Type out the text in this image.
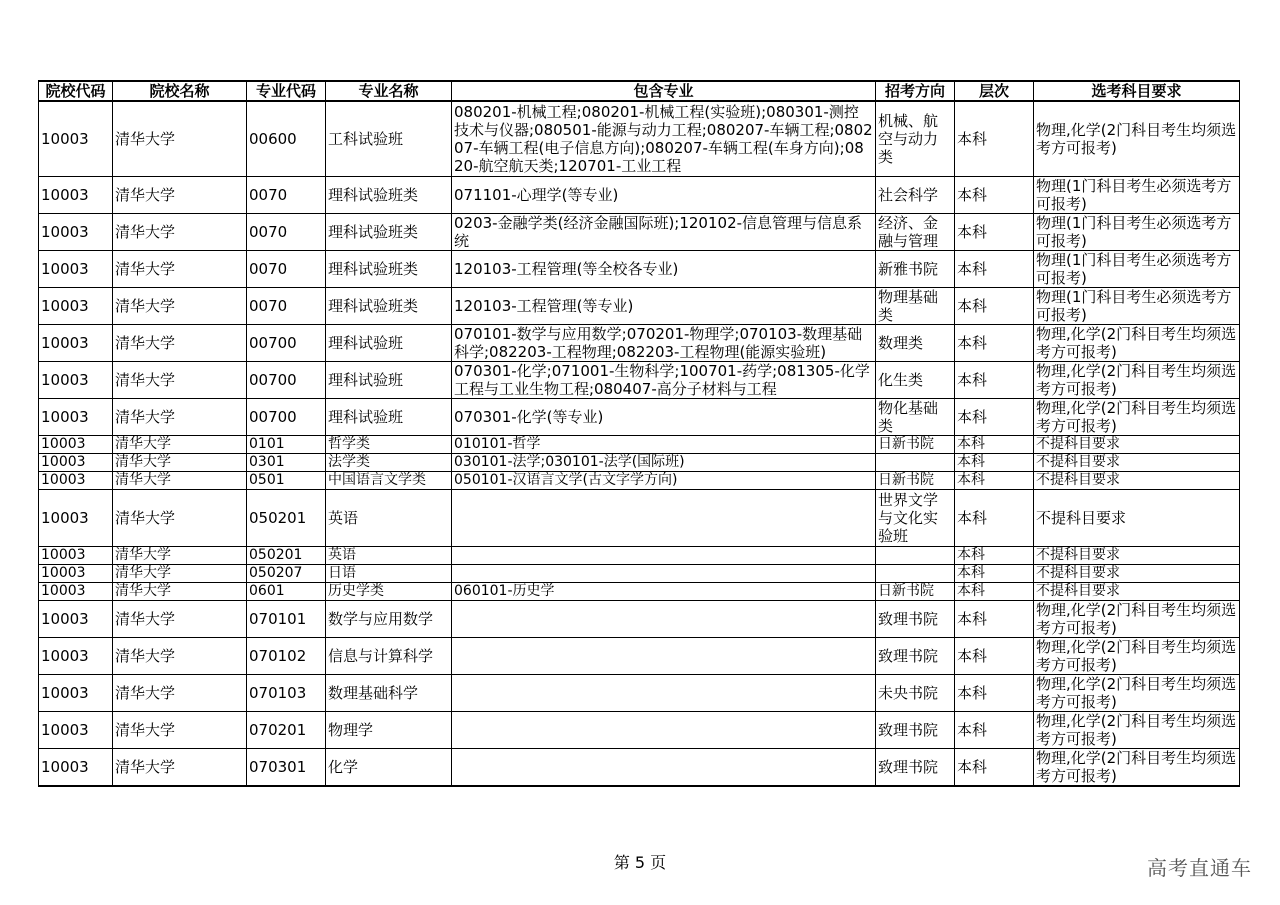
院校代码	院校名称	专业代码	专业名称	包含专业	招考方向	层次	选考科目要求
10003	清华大学	00600	工科试验班	080201-机械工程;080201-机械工程(实验班);080301-测控技术与仪器;080501-能源与动力工程;080207-车辆工程;080207-车辆工程(电子信息方向);080207-车辆工程(车身方向);0820-航空航天类;120701-工业工程	机械、航空与动力类	本科	物理,化学(2门科目考生均须选考方可报考)
10003	清华大学	0070	理科试验班类	071101-心理学(等专业)	社会科学	本科	物理(1门科目考生必须选考方可报考)
10003	清华大学	0070	理科试验班类	0203-金融学类(经济金融国际班);120102-信息管理与信息系统	经济、金融与管理	本科	物理(1门科目考生必须选考方可报考)
10003	清华大学	0070	理科试验班类	120103-工程管理(等全校各专业)	新雅书院	本科	物理(1门科目考生必须选考方可报考)
10003	清华大学	0070	理科试验班类	120103-工程管理(等专业)	物理基础类	本科	物理(1门科目考生必须选考方可报考)
10003	清华大学	00700	理科试验班	070101-数学与应用数学;070201-物理学;070103-数理基础科学;082203-工程物理;082203-工程物理(能源实验班)	数理类	本科	物理,化学(2门科目考生均须选考方可报考)
10003	清华大学	00700	理科试验班	070301-化学;071001-生物科学;100701-药学;081305-化学工程与工业生物工程;080407-高分子材料与工程	化生类	本科	物理,化学(2门科目考生均须选考方可报考)
10003	清华大学	00700	理科试验班	070301-化学(等专业)	物化基础类	本科	物理,化学(2门科目考生均须选考方可报考)
10003	清华大学	0101	哲学类	010101-哲学	日新书院	本科	不提科目要求
10003	清华大学	0301	法学类	030101-法学;030101-法学(国际班)		本科	不提科目要求
10003	清华大学	0501	中国语言文学类	050101-汉语言文学(古文字学方向)	日新书院	本科	不提科目要求
10003	清华大学	050201	英语		世界文学与文化实验班	本科	不提科目要求
10003	清华大学	050201	英语			本科	不提科目要求
10003	清华大学	050207	日语			本科	不提科目要求
10003	清华大学	0601	历史学类	060101-历史学	日新书院	本科	不提科目要求
10003	清华大学	070101	数学与应用数学		致理书院	本科	物理,化学(2门科目考生均须选考方可报考)
10003	清华大学	070102	信息与计算科学		致理书院	本科	物理,化学(2门科目考生均须选考方可报考)
10003	清华大学	070103	数理基础科学		未央书院	本科	物理,化学(2门科目考生均须选考方可报考)
10003	清华大学	070201	物理学		致理书院	本科	物理,化学(2门科目考生均须选考方可报考)
10003	清华大学	070301	化学		致理书院	本科	物理,化学(2门科目考生均须选考方可报考)
第 5 页	高考直通车
